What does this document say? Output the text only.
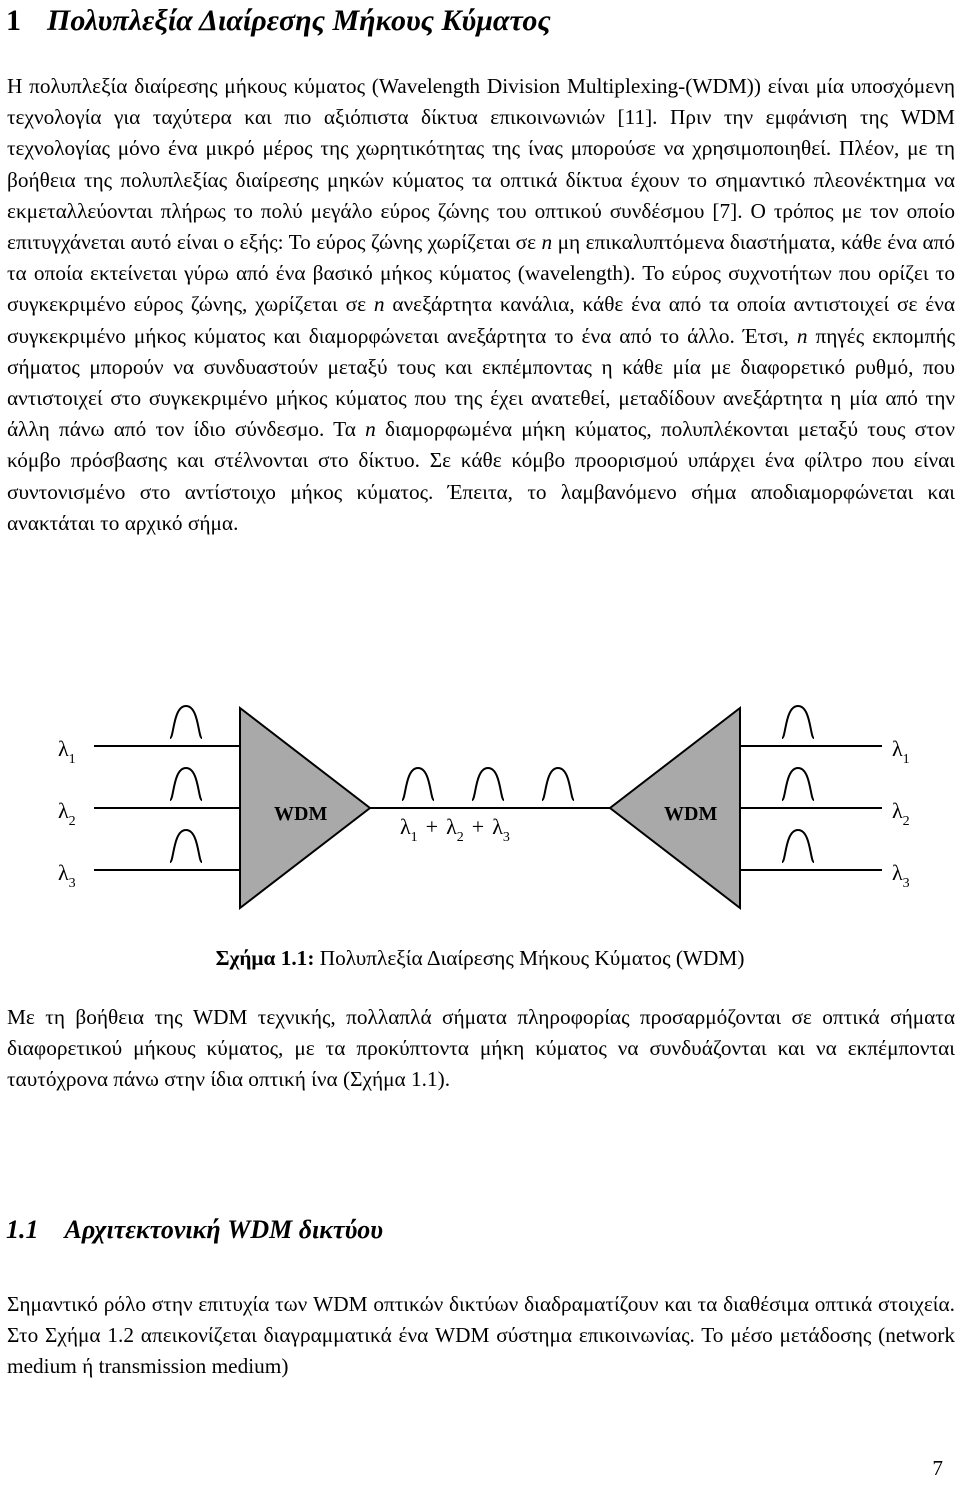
1 Πολυπλεξία Διαίρεσης Μήκους Κύματος

Η πολυπλεξία διαίρεσης μήκους κύματος (Wavelength Division Multiplexing-(WDM)) είναι μία υποσχόμενη τεχνολογία για ταχύτερα και πιο αξιόπιστα δίκτυα επικοινωνιών [11]. Πριν την εμφάνιση της WDM τεχνολογίας μόνο ένα μικρό μέρος της χωρητικότητας της ίνας μπορούσε να χρησιμοποιηθεί. Πλέον, με τη βοήθεια της πολυπλεξίας διαίρεσης μηκών κύματος τα οπτικά δίκτυα έχουν το σημαντικό πλεονέκτημα να εκμεταλλεύονται πλήρως το πολύ μεγάλο εύρος ζώνης του οπτικού συνδέσμου [7]. Ο τρόπος με τον οποίο επιτυγχάνεται αυτό είναι ο εξής: Το εύρος ζώνης χωρίζεται σε n μη επικαλυπτόμενα διαστήματα, κάθε ένα από τα οποία εκτείνεται γύρω από ένα βασικό μήκος κύματος (wavelength). Το εύρος συχνοτήτων που ορίζει το συγκεκριμένο εύρος ζώνης, χωρίζεται σε n ανεξάρτητα κανάλια, κάθε ένα από τα οποία αντιστοιχεί σε ένα συγκεκριμένο μήκος κύματος και διαμορφώνεται ανεξάρτητα το ένα από το άλλο. Έτσι, n πηγές εκπομπής σήματος μπορούν να συνδυαστούν μεταξύ τους και εκπέμποντας η κάθε μία με διαφορετικό ρυθμό, που αντιστοιχεί στο συγκεκριμένο μήκος κύματος που της έχει ανατεθεί, μεταδίδουν ανεξάρτητα η μία από την άλλη πάνω από τον ίδιο σύνδεσμο. Τα n διαμορφωμένα μήκη κύματος, πολυπλέκονται μεταξύ τους στον κόμβο πρόσβασης και στέλνονται στο δίκτυο. Σε κάθε κόμβο προορισμού υπάρχει ένα φίλτρο που είναι συντονισμένο στο αντίστοιχο μήκος κύματος. Έπειτα, το λαμβανόμενο σήμα αποδιαμορφώνεται και ανακτάται το αρχικό σήμα.

WDM	WDM
$\lambda_1$
$\lambda_2$
$\lambda_3$
$\lambda_1 + \lambda_2 + \lambda_3$
$\lambda_1$
$\lambda_2$
$\lambda_3$
Σχήμα 1.1: Πολυπλεξία Διαίρεσης Μήκους Κύματος (WDM)

Με τη βοήθεια της WDM τεχνικής, πολλαπλά σήματα πληροφορίας προσαρμόζονται σε οπτικά σήματα διαφορετικού μήκους κύματος, με τα προκύπτοντα μήκη κύματος να συνδυάζονται και να εκπέμπονται ταυτόχρονα πάνω στην ίδια οπτική ίνα (Σχήμα 1.1).

1.1 Αρχιτεκτονική WDM δικτύου

Σημαντικό ρόλο στην επιτυχία των WDM οπτικών δικτύων διαδραματίζουν και τα διαθέσιμα οπτικά στοιχεία. Στο Σχήμα 1.2 απεικονίζεται διαγραμματικά ένα WDM σύστημα επικοινωνίας. Το μέσο μετάδοσης (network medium ή transmission medium)

7
